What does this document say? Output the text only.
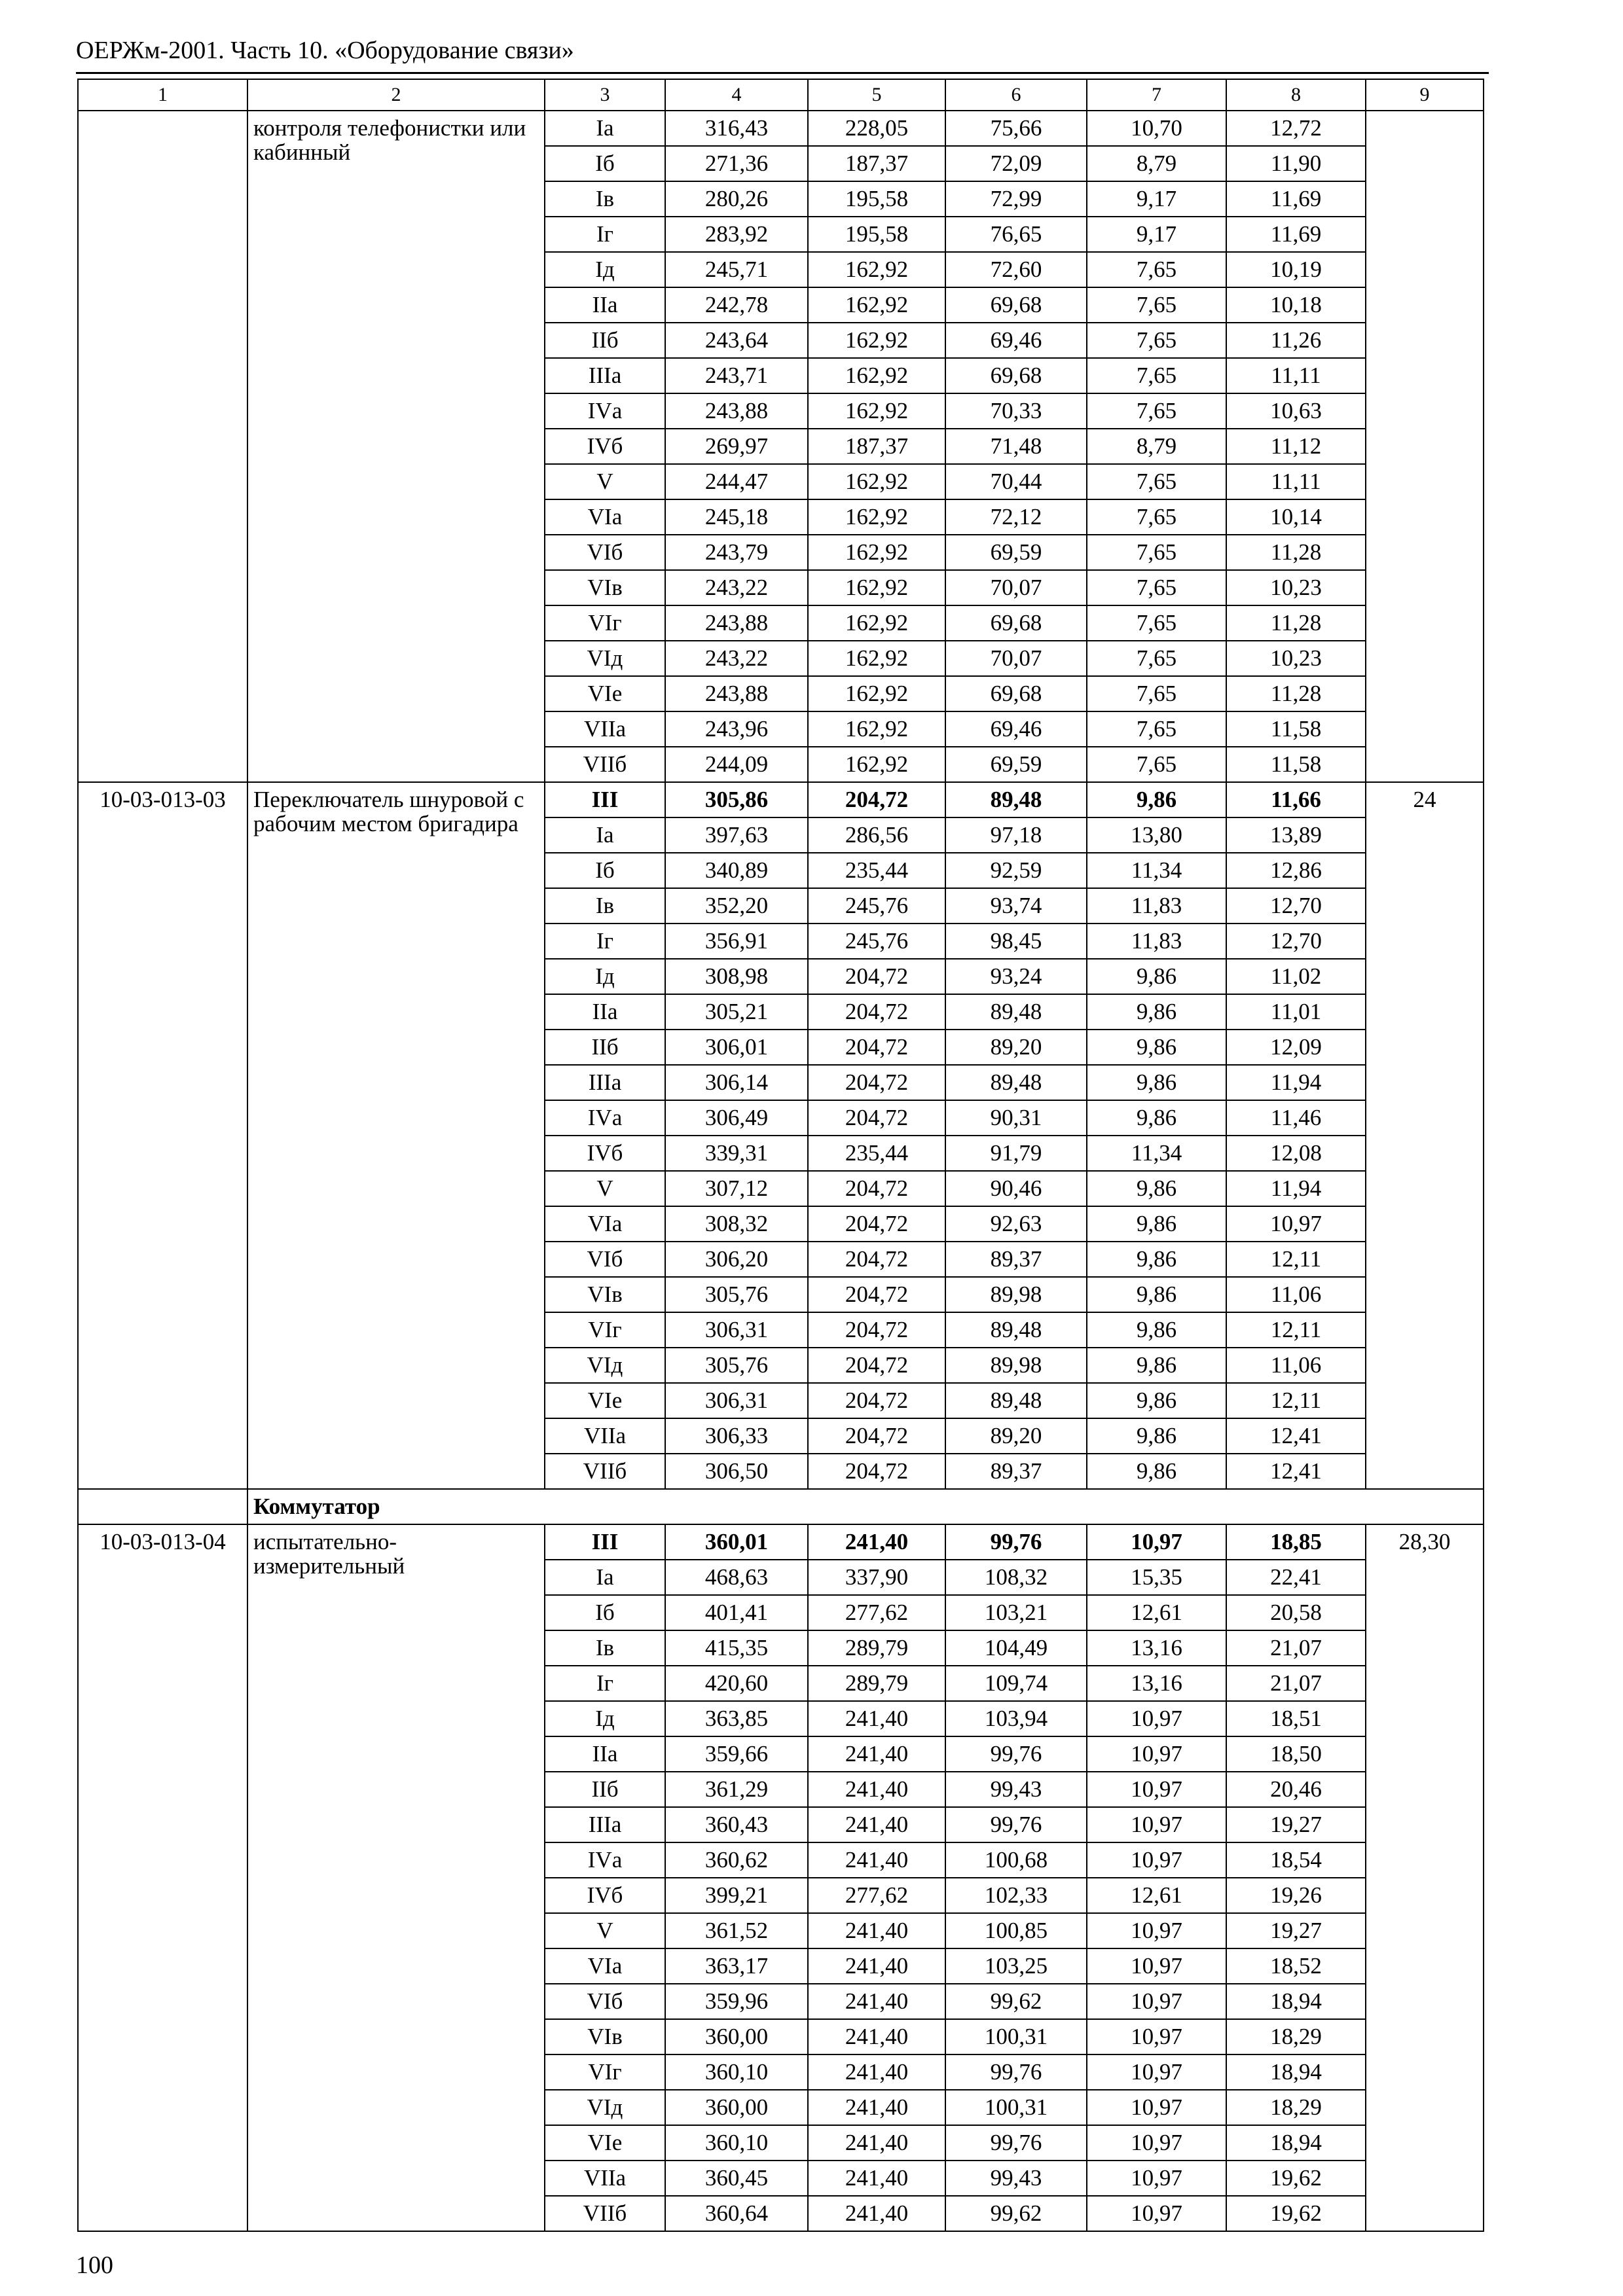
ОЕРЖм-2001. Часть 10. «Оборудование связи»
1	2	3	4	5	6	7	8	9
	контроля телефонистки или кабинный	Iа	316,43	228,05	75,66	10,70	12,72	
		Iб	271,36	187,37	72,09	8,79	11,90	
		Iв	280,26	195,58	72,99	9,17	11,69	
		Iг	283,92	195,58	76,65	9,17	11,69	
		Iд	245,71	162,92	72,60	7,65	10,19	
		IIа	242,78	162,92	69,68	7,65	10,18	
		IIб	243,64	162,92	69,46	7,65	11,26	
		IIIа	243,71	162,92	69,68	7,65	11,11	
		IVа	243,88	162,92	70,33	7,65	10,63	
		IVб	269,97	187,37	71,48	8,79	11,12	
		V	244,47	162,92	70,44	7,65	11,11	
		VIа	245,18	162,92	72,12	7,65	10,14	
		VIб	243,79	162,92	69,59	7,65	11,28	
		VIв	243,22	162,92	70,07	7,65	10,23	
		VIг	243,88	162,92	69,68	7,65	11,28	
		VIд	243,22	162,92	70,07	7,65	10,23	
		VIе	243,88	162,92	69,68	7,65	11,28	
		VIIа	243,96	162,92	69,46	7,65	11,58	
		VIIб	244,09	162,92	69,59	7,65	11,58	
10-03-013-03	Переключатель шнуровой с рабочим местом бригадира	III	305,86	204,72	89,48	9,86	11,66	24
		Iа	397,63	286,56	97,18	13,80	13,89	
		Iб	340,89	235,44	92,59	11,34	12,86	
		Iв	352,20	245,76	93,74	11,83	12,70	
		Iг	356,91	245,76	98,45	11,83	12,70	
		Iд	308,98	204,72	93,24	9,86	11,02	
		IIа	305,21	204,72	89,48	9,86	11,01	
		IIб	306,01	204,72	89,20	9,86	12,09	
		IIIа	306,14	204,72	89,48	9,86	11,94	
		IVа	306,49	204,72	90,31	9,86	11,46	
		IVб	339,31	235,44	91,79	11,34	12,08	
		V	307,12	204,72	90,46	9,86	11,94	
		VIа	308,32	204,72	92,63	9,86	10,97	
		VIб	306,20	204,72	89,37	9,86	12,11	
		VIв	305,76	204,72	89,98	9,86	11,06	
		VIг	306,31	204,72	89,48	9,86	12,11	
		VIд	305,76	204,72	89,98	9,86	11,06	
		VIе	306,31	204,72	89,48	9,86	12,11	
		VIIа	306,33	204,72	89,20	9,86	12,41	
		VIIб	306,50	204,72	89,37	9,86	12,41	
	Коммутатор							
10-03-013-04	испытательно-измерительный	III	360,01	241,40	99,76	10,97	18,85	28,30
		Iа	468,63	337,90	108,32	15,35	22,41	
		Iб	401,41	277,62	103,21	12,61	20,58	
		Iв	415,35	289,79	104,49	13,16	21,07	
		Iг	420,60	289,79	109,74	13,16	21,07	
		Iд	363,85	241,40	103,94	10,97	18,51	
		IIа	359,66	241,40	99,76	10,97	18,50	
		IIб	361,29	241,40	99,43	10,97	20,46	
		IIIа	360,43	241,40	99,76	10,97	19,27	
		IVа	360,62	241,40	100,68	10,97	18,54	
		IVб	399,21	277,62	102,33	12,61	19,26	
		V	361,52	241,40	100,85	10,97	19,27	
		VIа	363,17	241,40	103,25	10,97	18,52	
		VIб	359,96	241,40	99,62	10,97	18,94	
		VIв	360,00	241,40	100,31	10,97	18,29	
		VIг	360,10	241,40	99,76	10,97	18,94	
		VIд	360,00	241,40	100,31	10,97	18,29	
		VIе	360,10	241,40	99,76	10,97	18,94	
		VIIа	360,45	241,40	99,43	10,97	19,62	
		VIIб	360,64	241,40	99,62	10,97	19,62	
100
